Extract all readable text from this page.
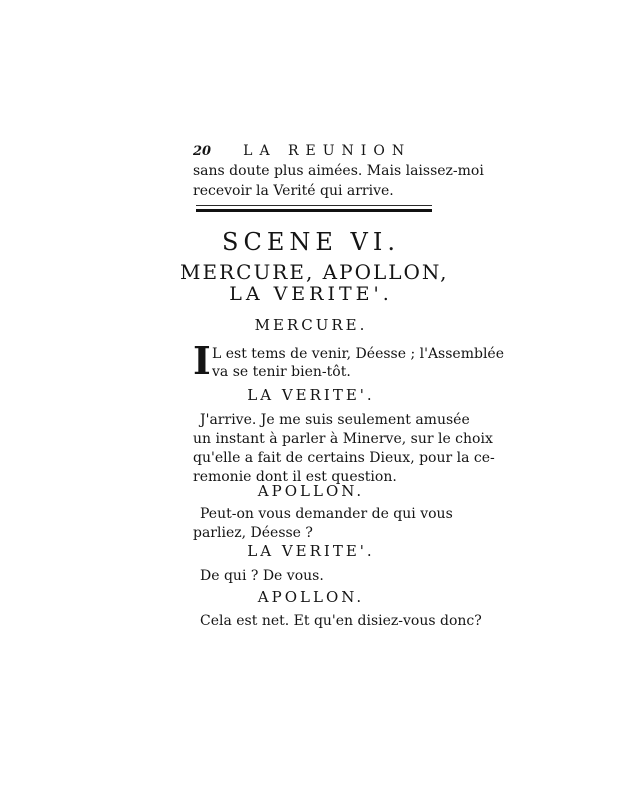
20 LA REUNION
sans doute plus aimées. Mais laissez-moi
recevoir la Verité qui arrive.
SCENE VI.
MERCURE, APOLLON,
LA VERITE'.
MERCURE.
I L est tems de venir, Déesse ; l'Assemblée
va se tenir bien-tôt.
LA VERITE'.
J'arrive. Je me suis seulement amusée
un instant à parler à Minerve, sur le choix
qu'elle a fait de certains Dieux, pour la ce-
remonie dont il est question.
APOLLON.
Peut-on vous demander de qui vous
parliez, Déesse ?
LA VERITE'.
De qui ? De vous.
APOLLON.
Cela est net. Et qu'en disiez-vous donc?
